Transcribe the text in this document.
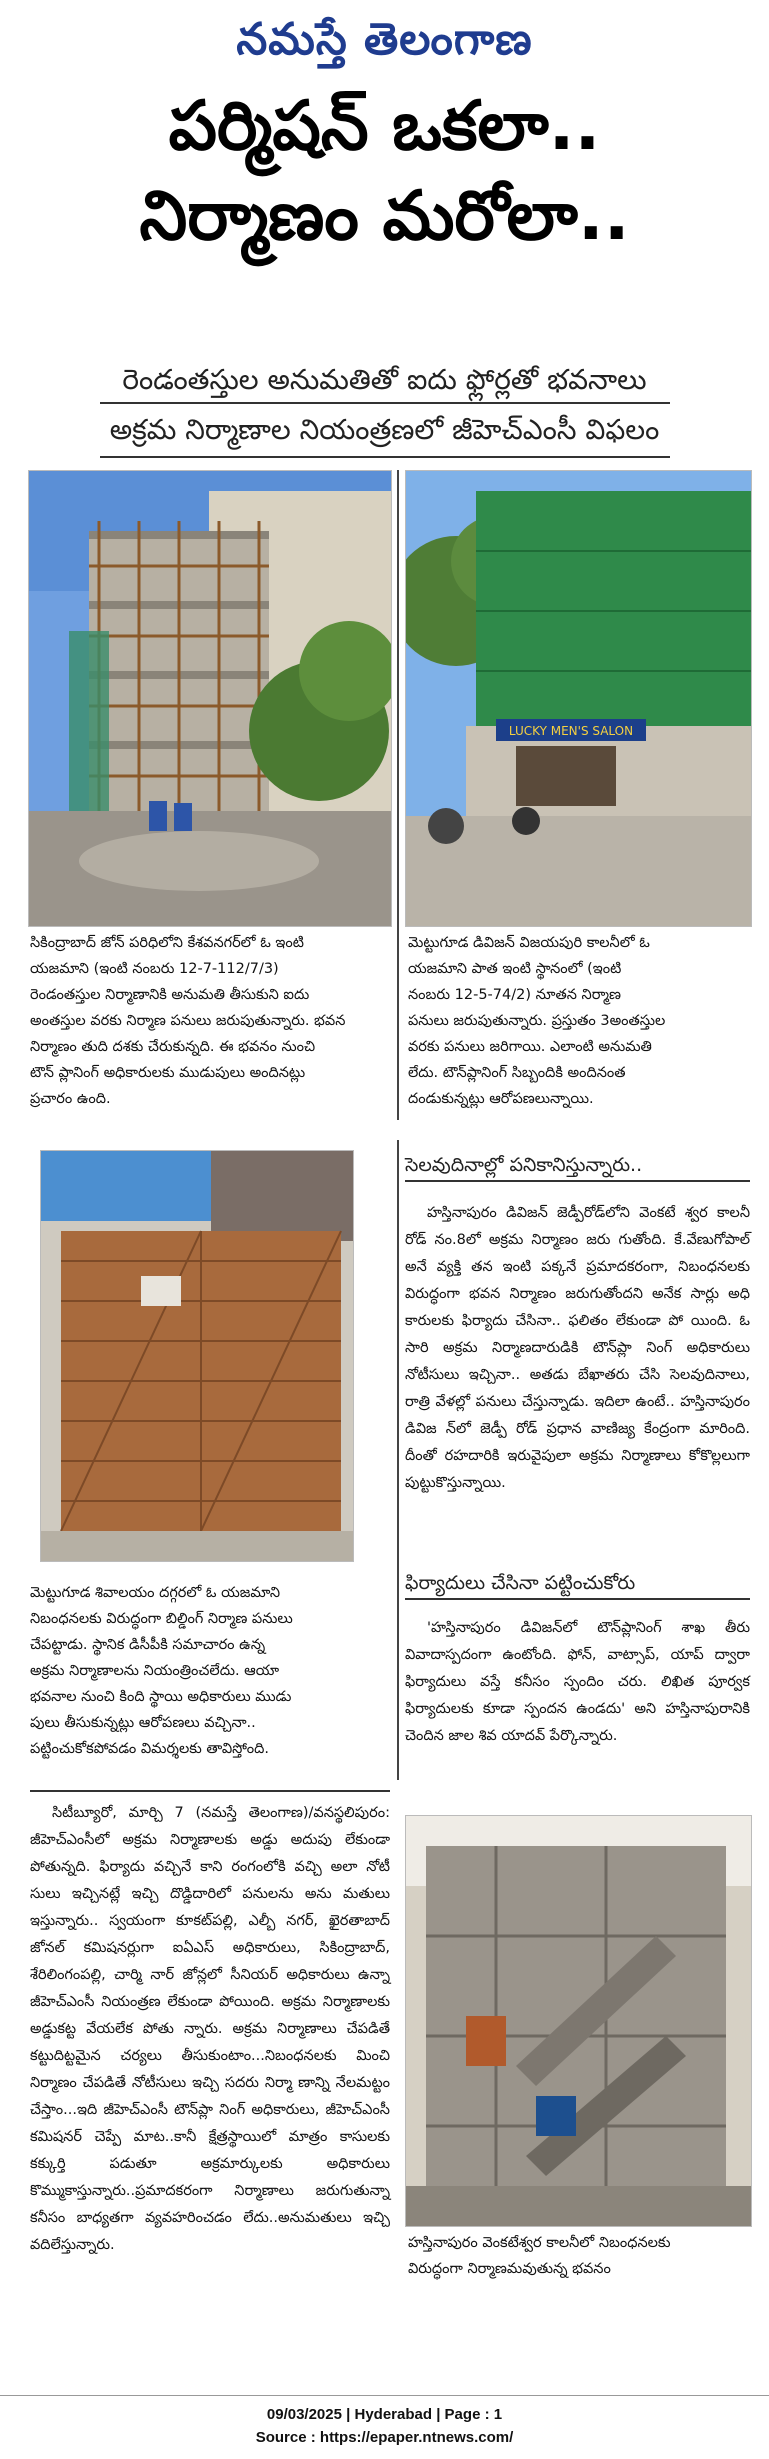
నమస్తే తెలంగాణ
పర్మిషన్ ఒకలా..
నిర్మాణం మరోలా..
రెండంతస్తుల అనుమతితో ఐదు ఫ్లోర్లతో భవనాలు
అక్రమ నిర్మాణాల నియంత్రణలో జీహెచ్ఎంసీ విఫలం
LUCKY MEN'S SALON

సికింద్రాబాద్ జోన్ పరిధిలోని కేశవనగర్‌లో ఓ ఇంటి

యజమాని (ఇంటి నంబరు 12-7-112/7/3)

రెండంతస్తుల నిర్మాణానికి అనుమతి తీసుకుని ఐదు

అంతస్తుల వరకు నిర్మాణ పనులు జరుపుతున్నారు. భవన

నిర్మాణం తుది దశకు చేరుకున్నది. ఈ భవనం నుంచి

టౌన్ ప్లానింగ్ అధికారులకు ముడుపులు అందినట్లు

ప్రచారం ఉంది.

మెట్టుగూడ డివిజన్ విజయపురి కాలనీలో ఓ

యజమాని పాత ఇంటి స్థానంలో (ఇంటి

నంబరు 12-5-74/2) నూతన నిర్మాణ

పనులు జరుపుతున్నారు. ప్రస్తుతం 3అంతస్తుల

వరకు పనులు జరిగాయి. ఎలాంటి అనుమతి

లేదు. టౌన్‌ప్లానింగ్ సిబ్బందికి అందినంత

దండుకున్నట్లు ఆరోపణలున్నాయి.

మెట్టుగూడ శివాలయం దగ్గరలో ఓ యజమాని

నిబంధనలకు విరుద్ధంగా బిల్డింగ్ నిర్మాణ పనులు

చేపట్టాడు. స్థానిక డిసీపీకి సమాచారం ఉన్న

అక్రమ నిర్మాణాలను నియంత్రించలేదు. ఆయా

భవనాల నుంచి కింది స్థాయి అధికారులు ముడు

పులు తీసుకున్నట్లు ఆరోపణలు వచ్చినా..

పట్టించుకోకపోవడం విమర్శలకు తావిస్తోంది.

సెలవుదినాల్లో పనికానిస్తున్నారు..

హస్తినాపురం డివిజన్ జెడ్పీరోడ్‌లోని వెంకటే శ్వర కాలనీ రోడ్ నం.8లో అక్రమ నిర్మాణం జరు గుతోంది. కే.వేణుగోపాల్ అనే వ్యక్తి తన ఇంటి పక్కనే ప్రమాదకరంగా, నిబంధనలకు విరుద్ధంగా భవన నిర్మాణం జరుగుతోందని అనేక సార్లు అధి కారులకు ఫిర్యాదు చేసినా.. ఫలితం లేకుండా పో యింది. ఓ సారి అక్రమ నిర్మాణదారుడికి టౌన్‌ప్లా నింగ్ అధికారులు నోటీసులు ఇచ్చినా.. అతడు బేఖాతరు చేసి సెలవుదినాలు, రాత్రి వేళల్లో పనులు చేస్తున్నాడు. ఇదిలా ఉంటే.. హస్తినాపురం డివిజ న్‌లో జెడ్పీ రోడ్ ప్రధాన వాణిజ్య కేంద్రంగా మారింది. దీంతో రహదారికి ఇరువైపులా అక్రమ నిర్మాణాలు కోకొల్లలుగా పుట్టుకొస్తున్నాయి.

ఫిర్యాదులు చేసినా పట్టించుకోరు

'హస్తినాపురం డివిజన్‌లో టౌన్‌ప్లానింగ్ శాఖ తీరు వివాదాస్పదంగా ఉంటోంది. ఫోన్, వాట్సాప్, యాప్ ద్వారా ఫిర్యాదులు వస్తే కనీసం స్పందిం చరు. లిఖిత పూర్వక ఫిర్యాదులకు కూడా స్పందన ఉండదు' అని హస్తినాపురానికి చెందిన జాల శివ యాదవ్ పేర్కొన్నారు.

సిటీబ్యూరో, మార్చి 7 (నమస్తే తెలంగాణ)/వనస్థలిపురం: జీహెచ్ఎంసీలో అక్రమ నిర్మాణాలకు అడ్డు అదుపు లేకుండా పోతున్నది. ఫిర్యాదు వచ్చినే కాని రంగంలోకి వచ్చి అలా నోటీ సులు ఇచ్చినట్లే ఇచ్చి దొడ్డిదారిలో పనులను అను మతులు ఇస్తున్నారు.. స్వయంగా కూకట్‌పల్లి, ఎల్బీ నగర్, ఖైరతాబాద్ జోనల్ కమిషనర్లుగా ఐఏఎస్ అధికారులు, సికింద్రాబాద్, శేరిలింగంపల్లి, చార్మి నార్ జోన్లలో సీనియర్ అధికారులు ఉన్నా జీహెచ్ఎంసీ నియంత్రణ లేకుండా పోయింది. అక్రమ నిర్మాణాలకు అడ్డుకట్ట వేయలేక పోతు న్నారు. అక్రమ నిర్మాణాలు చేపడితే కట్టుదిట్టమైన చర్యలు తీసుకుంటాం...నిబంధనలకు మించి నిర్మాణం చేపడితే నోటీసులు ఇచ్చి సదరు నిర్మా ణాన్ని నేలమట్టం చేస్తాం...ఇది జీహెచ్ఎంసీ టౌన్‌ప్లా నింగ్ అధికారులు, జీహెచ్ఎంసీ కమిషనర్ చెప్పే మాట..కానీ క్షేత్రస్థాయిలో మాత్రం కాసులకు కక్కుర్తి పడుతూ అక్రమార్కులకు అధికారులు కొమ్ముకాస్తున్నారు..ప్రమాదకరంగా నిర్మాణాలు జరుగుతున్నా కనీసం బాధ్యతగా వ్యవహరించడం లేదు..అనుమతులు ఇచ్చి వదిలేస్తున్నారు.	హస్తినాపురం వెంకటేశ్వర కాలనీలో నిబంధనలకు

విరుద్ధంగా నిర్మాణమవుతున్న భవనం

09/03/2025 | Hyderabad | Page : 1
Source : https://epaper.ntnews.com/
